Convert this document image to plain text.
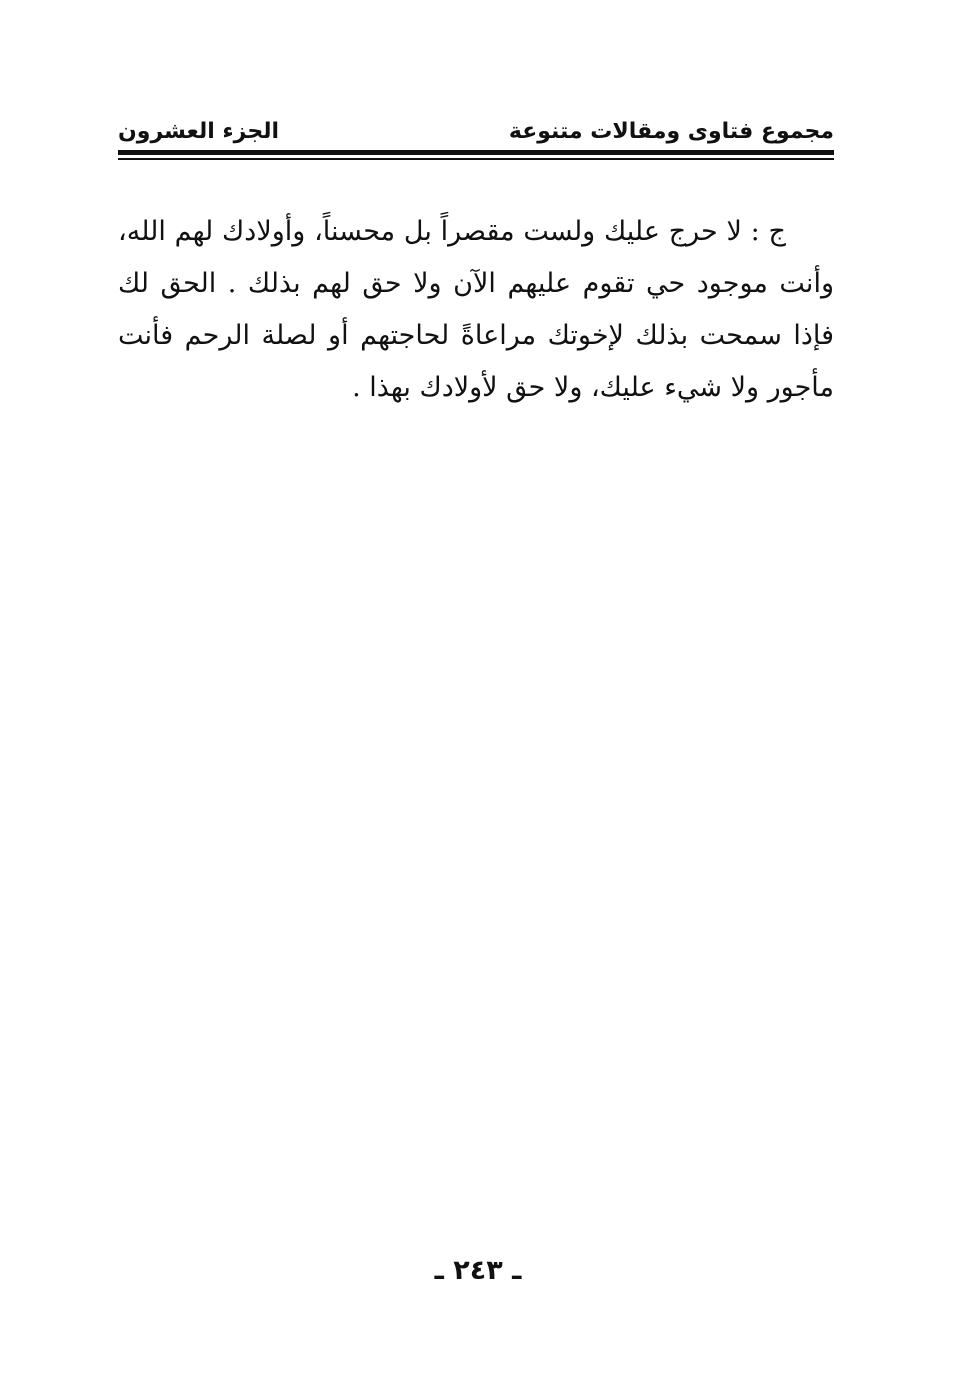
مجموع فتاوى ومقالات متنوعة
الجزء العشرون

ج : لا حرج عليك ولست مقصراً بل محسناً، وأولادك لهم الله، وأنت موجود حي تقوم عليهم الآن ولا حق لهم بذلك . الحق لك فإذا سمحت بذلك لإخوتك مراعاةً لحاجتهم أو لصلة الرحم فأنت مأجور ولا شيء عليك، ولا حق لأولادك بهذا .

ـ ٢٤٣ ـ
